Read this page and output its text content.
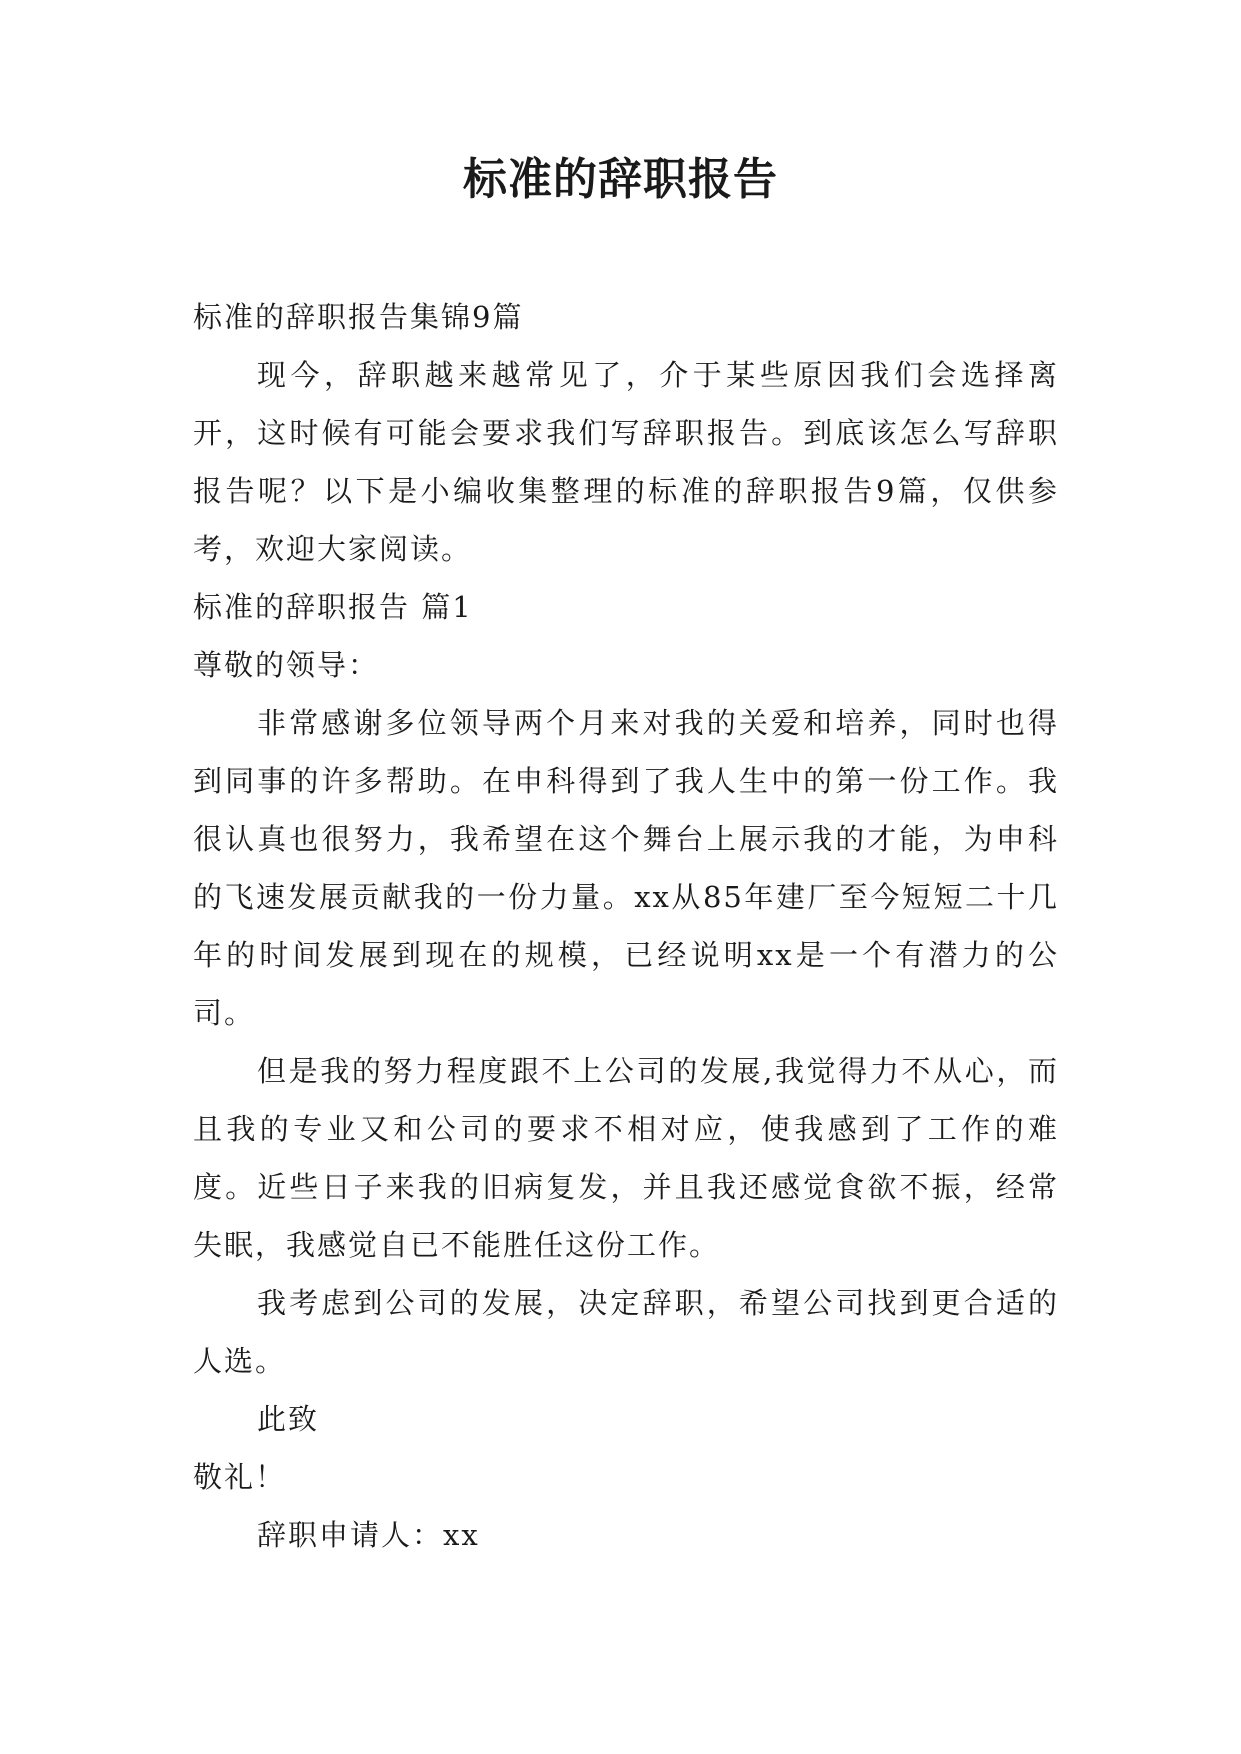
标准的辞职报告

标准的辞职报告集锦9篇

现今，辞职越来越常见了，介于某些原因我们会选择离开，这时候有可能会要求我们写辞职报告。到底该怎么写辞职报告呢？以下是小编收集整理的标准的辞职报告9篇，仅供参考，欢迎大家阅读。

标准的辞职报告 篇1

尊敬的领导：

非常感谢多位领导两个月来对我的关爱和培养，同时也得到同事的许多帮助。在申科得到了我人生中的第一份工作。我很认真也很努力，我希望在这个舞台上展示我的才能，为申科的飞速发展贡献我的一份力量。xx从85年建厂至今短短二十几年的时间发展到现在的规模，已经说明xx是一个有潜力的公司。

但是我的努力程度跟不上公司的发展,我觉得力不从心，而且我的专业又和公司的要求不相对应，使我感到了工作的难度。近些日子来我的旧病复发，并且我还感觉食欲不振，经常失眠，我感觉自已不能胜任这份工作。

我考虑到公司的发展，决定辞职，希望公司找到更合适的人选。

此致

敬礼！

辞职申请人：xx
